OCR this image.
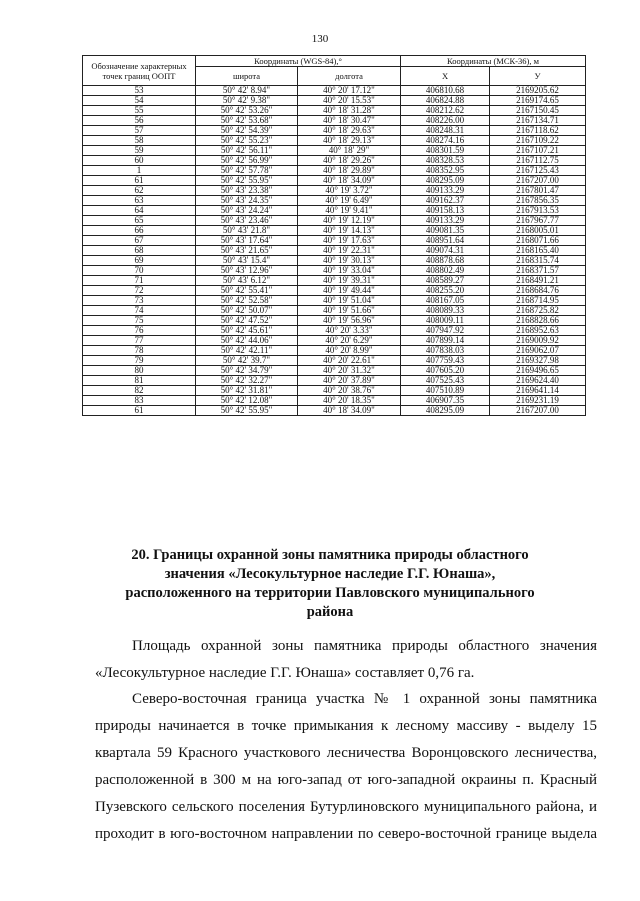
130
Обозначение характерных точек границ ООПТ	Координаты (WGS-84),°		Координаты (МСК-36), м	
	широта	долгота	X	У
53	50° 42' 8.94"	40° 20' 17.12"	406810.68	2169205.62
54	50° 42' 9.38"	40° 20' 15.53"	406824.88	2169174.65
55	50° 42' 53.26"	40° 18' 31.28"	408212.62	2167150.45
56	50° 42' 53.68"	40° 18' 30.47"	408226.00	2167134.71
57	50° 42' 54.39"	40° 18' 29.63"	408248.31	2167118.62
58	50° 42' 55.23"	40° 18' 29.13"	408274.16	2167109.22
59	50° 42' 56.11"	40° 18' 29"	408301.59	2167107.21
60	50° 42' 56.99"	40° 18' 29.26"	408328.53	2167112.75
1	50° 42' 57.78"	40° 18' 29.89"	408352.95	2167125.43
61	50° 42' 55.95"	40° 18' 34.09"	408295.09	2167207.00
62	50° 43' 23.38"	40° 19' 3.72"	409133.29	2167801.47
63	50° 43' 24.35"	40° 19' 6.49"	409162.37	2167856.35
64	50° 43' 24.24"	40° 19' 9.41"	409158.13	2167913.53
65	50° 43' 23.46"	40° 19' 12.19"	409133.29	2167967.77
66	50° 43' 21.8"	40° 19' 14.13"	409081.35	2168005.01
67	50° 43' 17.64"	40° 19' 17.63"	408951.64	2168071.66
68	50° 43' 21.65"	40° 19' 22.31"	409074.31	2168165.40
69	50° 43' 15.4"	40° 19' 30.13"	408878.68	2168315.74
70	50° 43' 12.96"	40° 19' 33.04"	408802.49	2168371.57
71	50° 43' 6.12"	40° 19' 39.31"	408589.27	2168491.21
72	50° 42' 55.41"	40° 19' 49.44"	408255.20	2168684.76
73	50° 42' 52.58"	40° 19' 51.04"	408167.05	2168714.95
74	50° 42' 50.07"	40° 19' 51.66"	408089.33	2168725.82
75	50° 42' 47.52"	40° 19' 56.96"	408009.11	2168828.66
76	50° 42' 45.61"	40° 20' 3.33"	407947.92	2168952.63
77	50° 42' 44.06"	40° 20' 6.29"	407899.14	2169009.92
78	50° 42' 42.11"	40° 20' 8.99"	407838.03	2169062.07
79	50° 42' 39.7"	40° 20' 22.61"	407759.43	2169327.98
80	50° 42' 34.79"	40° 20' 31.32"	407605.20	2169496.65
81	50° 42' 32.27"	40° 20' 37.89"	407525.43	2169624.40
82	50° 42' 31.81"	40° 20' 38.76"	407510.89	2169641.14
83	50° 42' 12.08"	40° 20' 18.35"	406907.35	2169231.19
61	50° 42' 55.95"	40° 18' 34.09"	408295.09	2167207.00
20. Границы охранной зоны памятника природы областного
значения «Лесокультурное наследие Г.Г. Юнаша»,
расположенного на территории Павловского муниципального
района
Площадь охранной зоны памятника природы областного значения
«Лесокультурное наследие Г.Г. Юнаша» составляет 0,76 га.
Северо-восточная граница участка № 1 охранной зоны памятника
природы начинается в точке примыкания к лесному массиву - выделу 15
квартала 59 Красного участкового лесничества Воронцовского лесничества,
расположенной в 300 м на юго-запад от юго-западной окраины п. Красный
Пузевского сельского поселения Бутурлиновского муниципального района, и
проходит в юго-восточном направлении по северо-восточной границе выдела
